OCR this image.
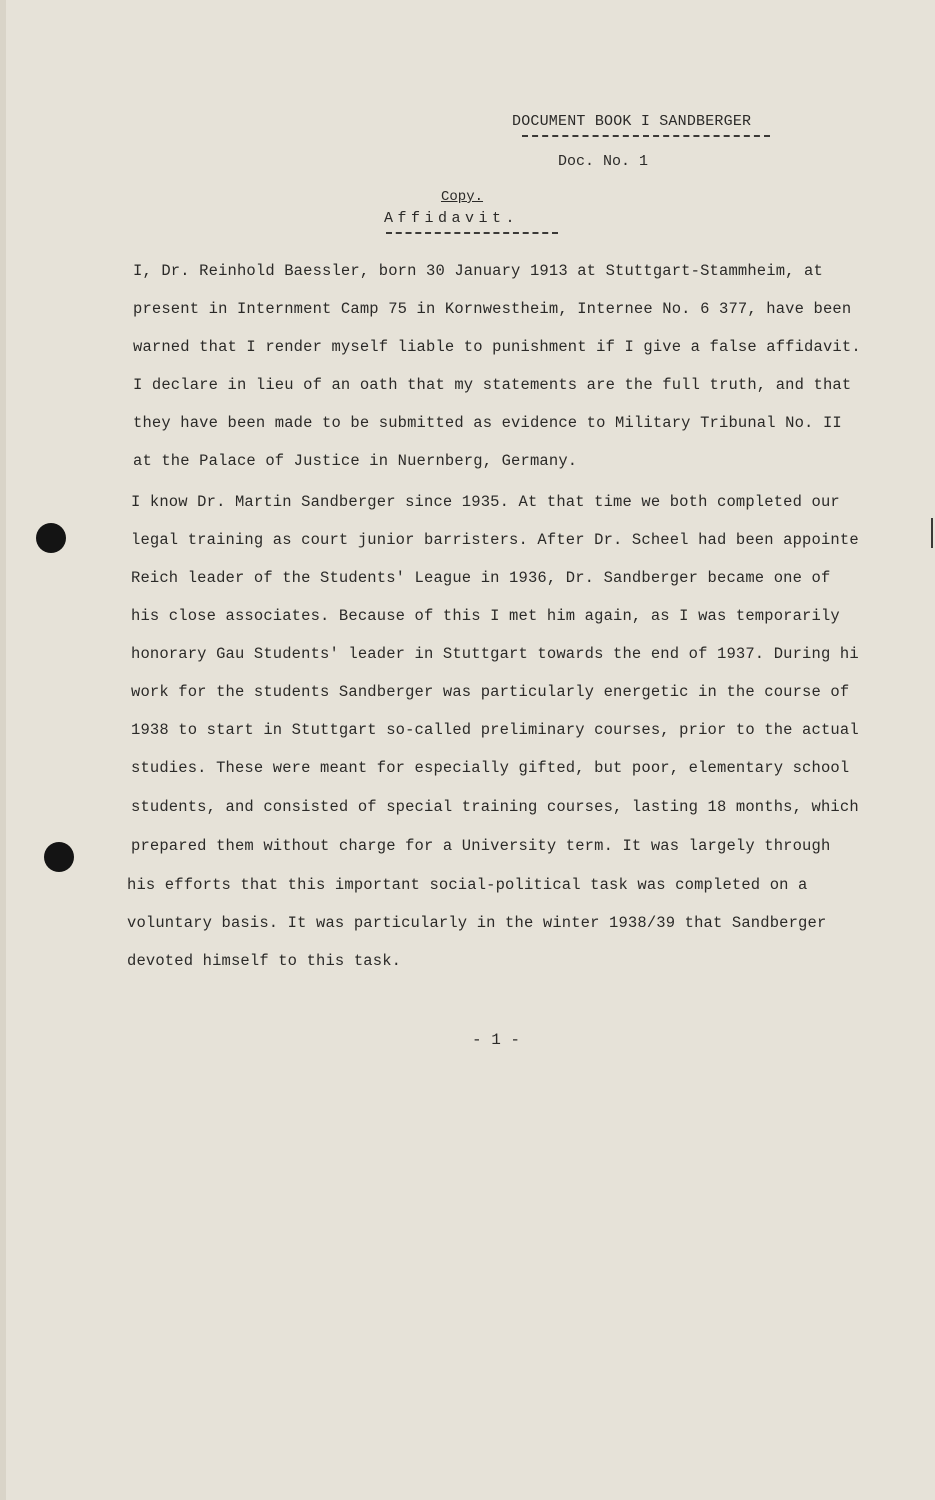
DOCUMENT BOOK I SANDBERGER
Doc. No. 1
Copy.
Affidavit.
I, Dr. Reinhold Baessler, born 30 January 1913 at Stuttgart-Stammheim, at
present in Internment Camp 75 in Kornwestheim, Internee No. 6 377, have been
warned that I render myself liable to punishment if I give a false affidavit.
I declare in lieu of an oath that my statements are the full truth, and that
they have been made to be submitted as evidence to Military Tribunal No. II
at the Palace of Justice in Nuernberg, Germany.
I know Dr. Martin Sandberger since 1935. At that time we both completed our
legal training as court junior barristers. After Dr. Scheel had been appointe
Reich leader of the Students' League in 1936, Dr. Sandberger became one of
his close associates. Because of this I met him again, as I was temporarily
honorary Gau Students' leader in Stuttgart towards the end of 1937. During hi
work for the students Sandberger was particularly energetic in the course of
1938 to start in Stuttgart so-called preliminary courses, prior to the actual
studies. These were meant for especially gifted, but poor, elementary school
students, and consisted of special training courses, lasting 18 months, which
prepared them without charge for a University term. It was largely through
his efforts that this important social-political task was completed on a
voluntary basis. It was particularly in the winter 1938/39 that Sandberger
devoted himself to this task.
- 1 -
